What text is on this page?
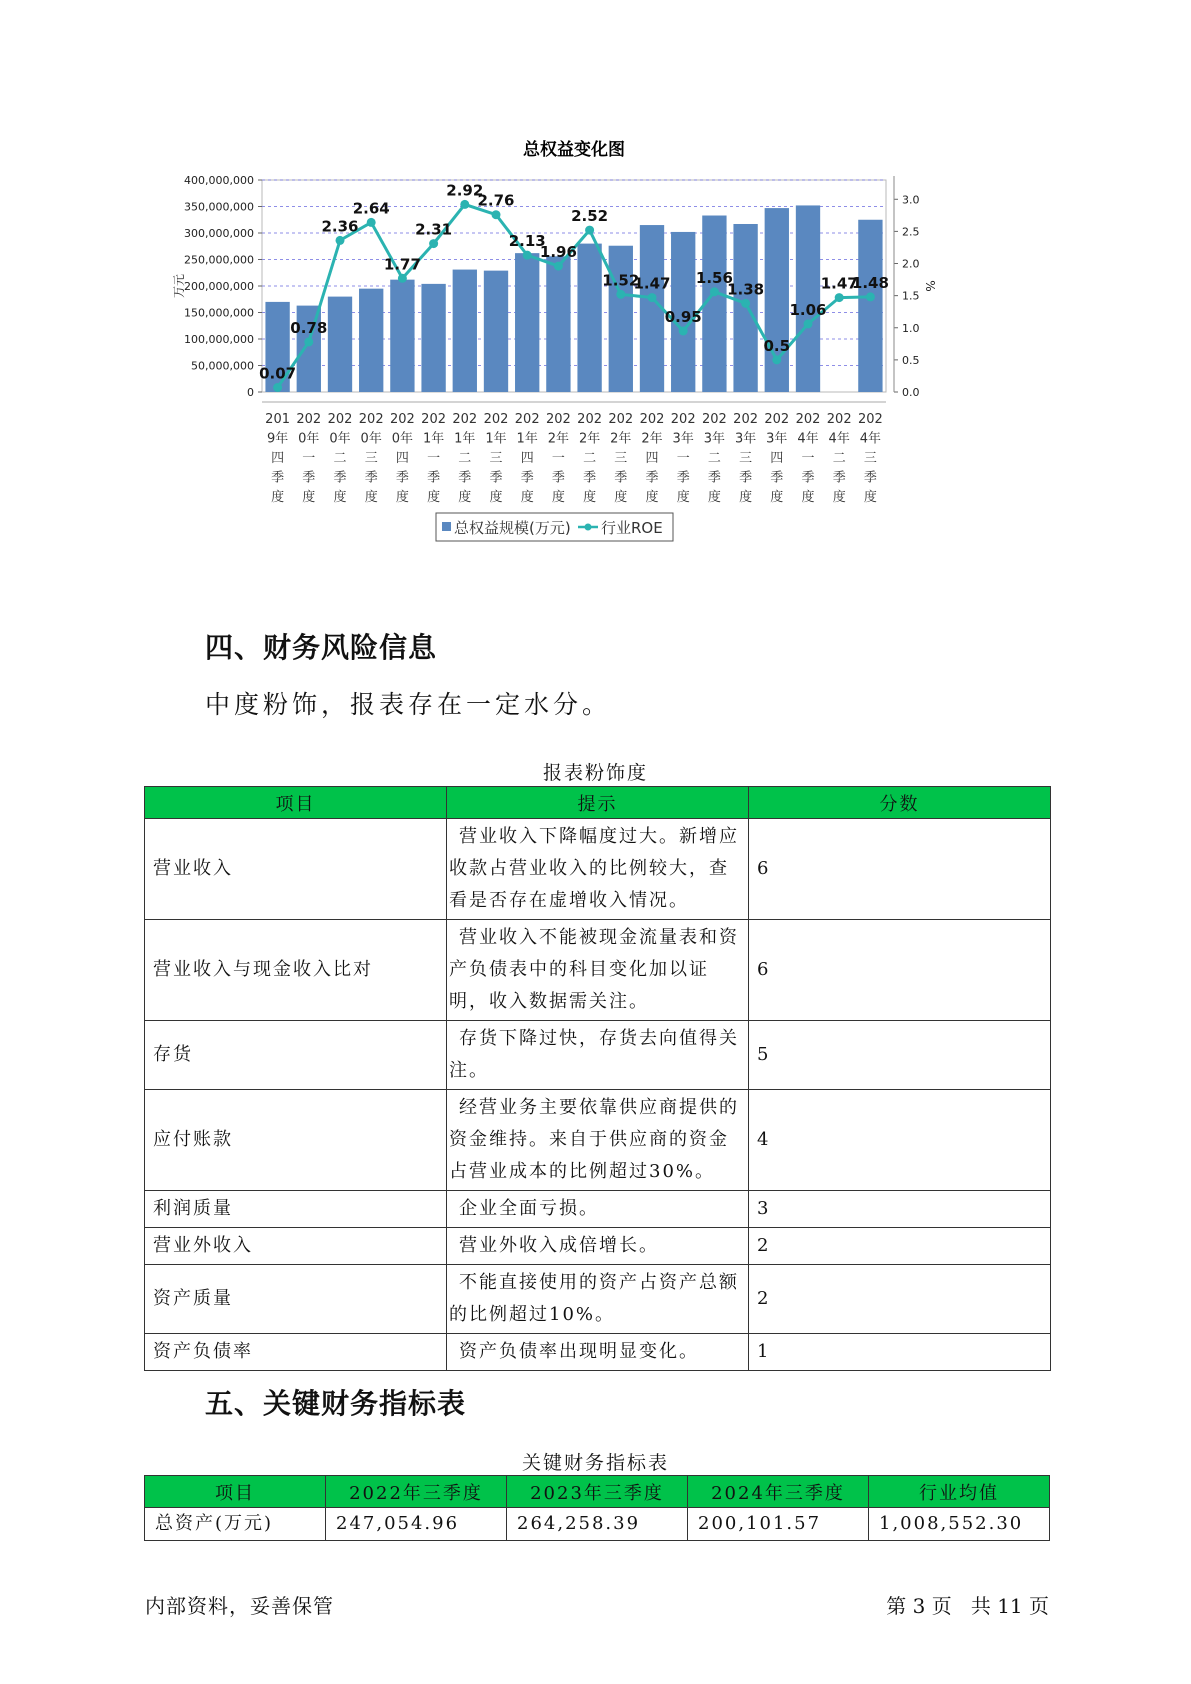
总权益变化图
0
50,000,000
100,000,000
150,000,000
200,000,000
250,000,000
300,000,000
350,000,000
400,000,000
0.0
0.5
1.0
1.5
2.0
2.5
3.0
万元	%
0.07
0.78
2.36
2.64
1.77
2.31
2.92
2.76
2.13
1.96
2.52
1.52
1.47
0.95
1.56
1.38
0.5
1.06
1.47
1.48
201 9年四季度
202 0年一季度
202 0年二季度
202 0年三季度
202 0年四季度
202 1年一季度
202 1年二季度
202 1年三季度
202 1年四季度
202 2年一季度
202 2年二季度
202 2年三季度
202 2年四季度
202 3年一季度
202 3年二季度
202 3年三季度
202 3年四季度
202 4年一季度
202 4年二季度
202 4年三季度
总权益规模(万元) 行业ROE
四、财务风险信息
中度粉饰，报表存在一定水分。
报表粉饰度
项目	提示	分数
营业收入	营业收入下降幅度过大。新增应收款占营业收入的比例较大，查看是否存在虚增收入情况。	6
营业收入与现金收入比对	营业收入不能被现金流量表和资产负债表中的科目变化加以证明，收入数据需关注。	6
存货	存货下降过快，存货去向值得关注。	5
应付账款	经营业务主要依靠供应商提供的资金维持。来自于供应商的资金占营业成本的比例超过30%。	4
利润质量	企业全面亏损。	3
营业外收入	营业外收入成倍增长。	2
资产质量	不能直接使用的资产占资产总额的比例超过10%。	2
资产负债率	资产负债率出现明显变化。	1
五、关键财务指标表
关键财务指标表
项目	2022年三季度	2023年三季度	2024年三季度	行业均值
总资产(万元)	247,054.96	264,258.39	200,101.57	1,008,552.30
内部资料，妥善保管	第 3 页 共 11 页
